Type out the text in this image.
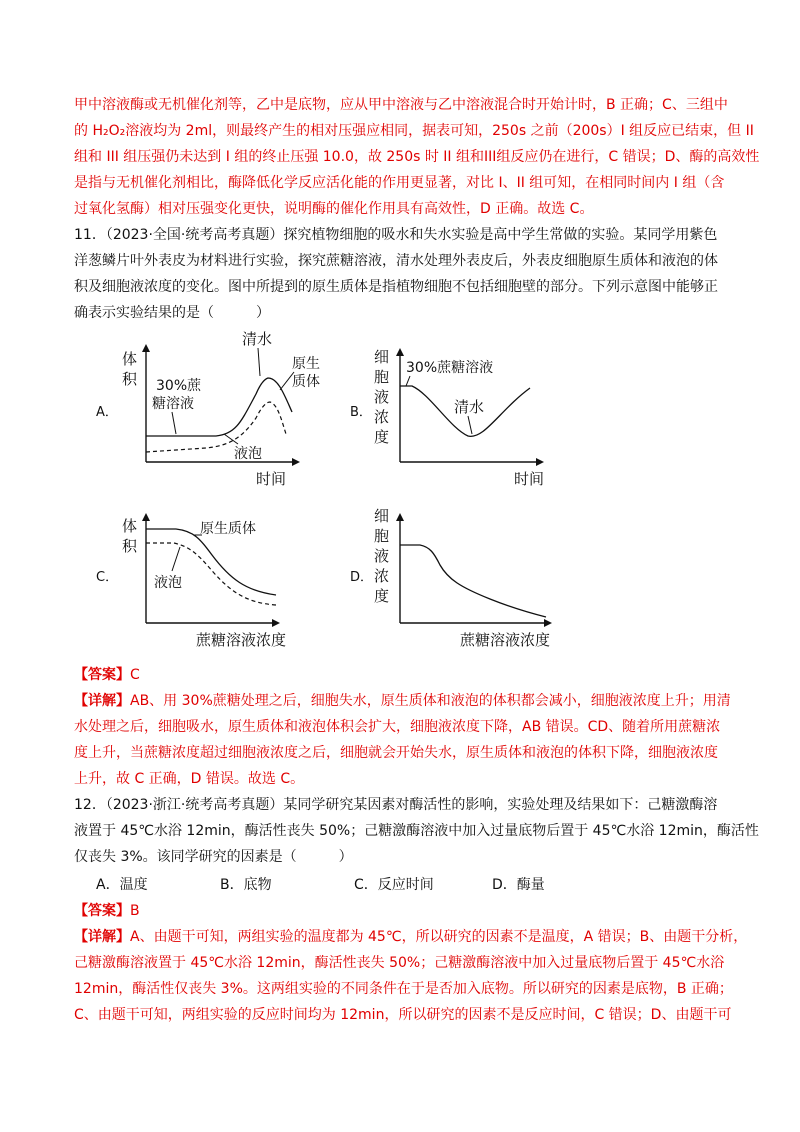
甲中溶液酶或无机催化剂等，乙中是底物，应从甲中溶液与乙中溶液混合时开始计时，B 正确；C、三组中
的 H₂O₂溶液均为 2ml，则最终产生的相对压强应相同，据表可知，250s 之前（200s）I 组反应已结束，但 II
组和 III 组压强仍未达到 I 组的终止压强 10.0，故 250s 时 II 组和III组反应仍在进行，C 错误；D、酶的高效性
是指与无机催化剂相比，酶降低化学反应活化能的作用更显著，对比 I、II 组可知，在相同时间内 I 组（含
过氧化氢酶）相对压强变化更快，说明酶的催化作用具有高效性，D 正确。故选 C。
11．（2023·全国·统考高考真题）探究植物细胞的吸水和失水实验是高中学生常做的实验。某同学用紫色
洋葱鳞片叶外表皮为材料进行实验，探究蔗糖溶液，清水处理外表皮后，外表皮细胞原生质体和液泡的体
积及细胞液浓度的变化。图中所提到的原生质体是指植物细胞不包括细胞壁的部分。下列示意图中能够正
确表示实验结果的是（　　　）
A．
体
积
时间
30%蔗
糖溶液
清水
原生
质体
液泡
B．
细
胞
液
浓
度
时间
30%蔗糖溶液
清水
C．
体
积
蔗糖溶液浓度
原生质体
液泡	D．
细
胞
液
浓
度
蔗糖溶液浓度
【答案】C
【详解】AB、用 30%蔗糖处理之后，细胞失水，原生质体和液泡的体积都会减小，细胞液浓度上升；用清
水处理之后，细胞吸水，原生质体和液泡体积会扩大，细胞液浓度下降，AB 错误。CD、随着所用蔗糖浓
度上升，当蔗糖浓度超过细胞液浓度之后，细胞就会开始失水，原生质体和液泡的体积下降，细胞液浓度
上升，故 C 正确，D 错误。故选 C。
12．（2023·浙江·统考高考真题）某同学研究某因素对酶活性的影响，实验处理及结果如下：己糖激酶溶
液置于 45℃水浴 12min，酶活性丧失 50%；己糖激酶溶液中加入过量底物后置于 45℃水浴 12min，酶活性
仅丧失 3%。该同学研究的因素是（　　　）
A．温度	B．底物	C．反应时间	D．酶量
【答案】B
【详解】A、由题干可知，两组实验的温度都为 45℃，所以研究的因素不是温度，A 错误；B、由题干分析，
己糖激酶溶液置于 45℃水浴 12min，酶活性丧失 50%；己糖激酶溶液中加入过量底物后置于 45℃水浴
12min，酶活性仅丧失 3%。这两组实验的不同条件在于是否加入底物。所以研究的因素是底物，B 正确；
C、由题干可知，两组实验的反应时间均为 12min，所以研究的因素不是反应时间，C 错误；D、由题干可
